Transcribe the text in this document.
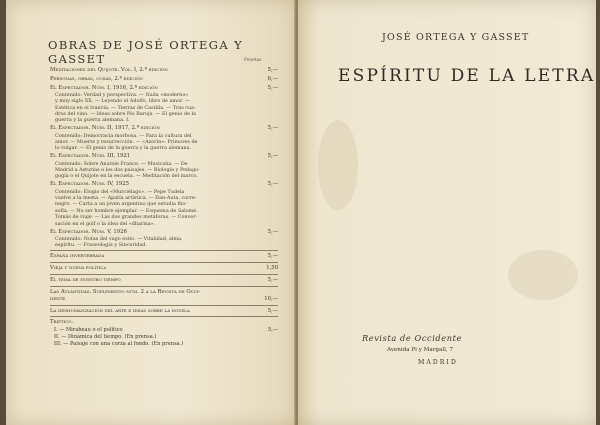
OBRAS DE JOSÉ ORTEGA Y GASSET	Pesetas
Meditaciones del Quijote. Vol. I, 2.ª edición	5,—
Personas, obras, cosas, 2.ª edición	6,—
El Espectador. Núm. I, 1916, 2.ª edición	5,—
Contenido: Verdad y perspectiva. — Nada «moderno»
y muy siglo XX. — Leyendo el Adolfo, libro de amor. —
Estética en el tranvía. — Tierras de Castilla. — Tras cua-
dros del vino. — Ideas sobre Pío Baroja. — El genio de la
guerra y la guerra alemana. I.
El Espectador. Núm. II, 1917, 2.ª edición	5,—
Contenido: Democracia morbosa. — Para la cultura del
amor. — Muerte y resurrección. — «Azorín»: Primores de
lo vulgar. — El genio de la guerra y la guerra alemana.
El Espectador. Núm. III, 1921	5,—
Contenido: Sobre Anatole France. — Musicalia. — De
Madrid a Asturias o los dos paisajes. — Biología y Pedago-
gogía o el Quijote en la escuela. — Meditación del marco.
El Espectador. Núm. IV, 1925	5,—
Contenido: Elogio del «Murciélago». — Pepe Tudela
vuelve a la mesta. — Apatía artística. — Dan-Auta, corre-
negro. — Carta a un joven argentino que estudia filo-
sofía. — No ser hombre ejemplar. — Esquema de Salomé.
Tomás de viaje. — Las dos grandes metáforas. — Conver-
sación en el golf o la idea del «dharma».
El Espectador. Núm. V, 1926	5,—
Contenido: Notas del vago estío. — Vitalidad, alma,
espíritu. — Fraseología y Sinceridad.
España invertebrada	5,—
Vieja y nueva política	1,50
El tema de nuestro tiempo	5,—
Las Atlántidas. Suplemento núm. 2 a la Revista de Occi-
dente	10,—
La deshumanización del arte e ideas sobre la novela	5,—
Tríptico.
I. — Mirabeau o el político	5,—
II. — Dinámica del tiempo. (En prensa.)
III. — Paisaje con una corza al fondo. (En prensa.)
JOSÉ ORTEGA Y GASSET
ESPÍRITU DE LA LETRA
Revista de Occidente
Avenida Pi y Margall, 7
MADRID
